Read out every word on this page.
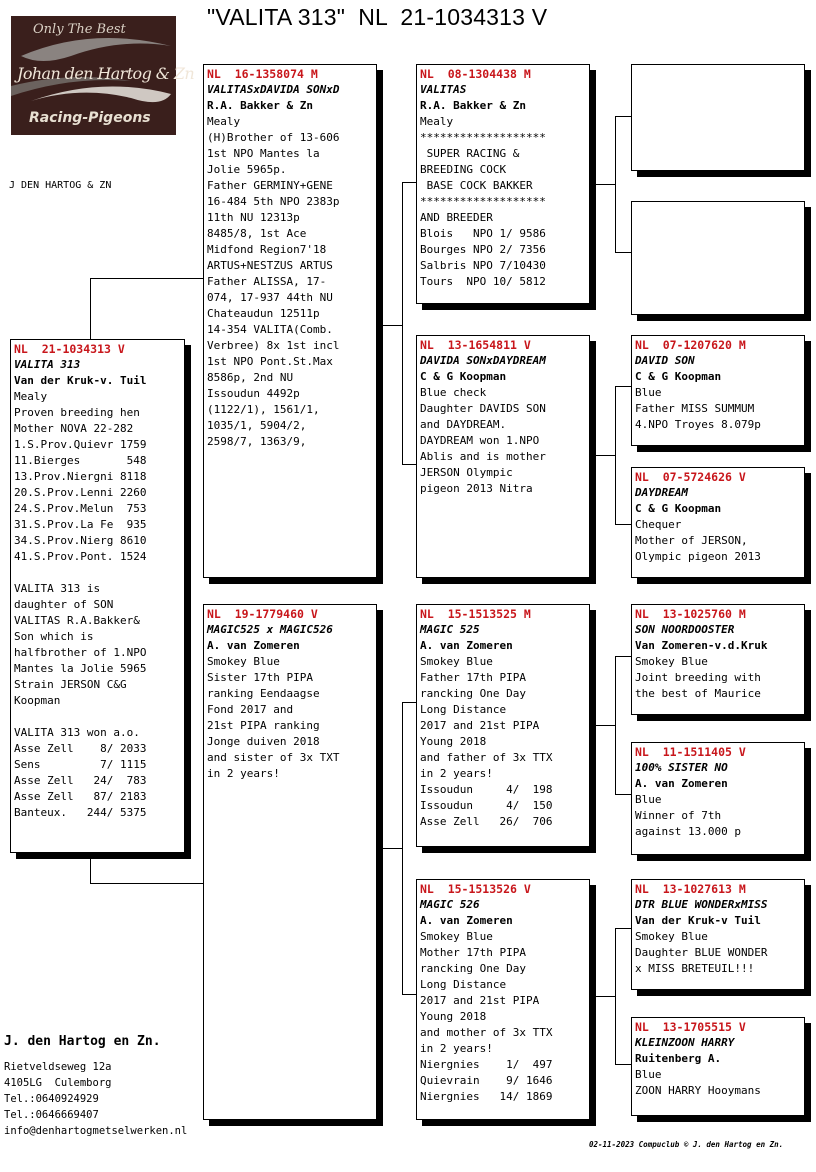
"VALITA 313"  NL  21-1034313 V
Only The Best
Johan den Hartog & Zn
Racing-Pigeons
J DEN HARTOG & ZN
NL  21-1034313 V
VALITA 313
Van der Kruk-v. Tuil
Mealy
Proven breeding hen
Mother NOVA 22-282
1.S.Prov.Quievr 1759
11.Bierges       548
13.Prov.Niergni 8118
20.S.Prov.Lenni 2260
24.S.Prov.Melun  753
31.S.Prov.La Fe  935
34.S.Prov.Nierg 8610
41.S.Prov.Pont. 1524

VALITA 313 is
daughter of SON
VALITAS R.A.Bakker&
Son which is
halfbrother of 1.NPO
Mantes la Jolie 5965
Strain JERSON C&G
Koopman

VALITA 313 won a.o.
Asse Zell    8/ 2033
Sens         7/ 1115
Asse Zell   24/  783
Asse Zell   87/ 2183
Banteux.   244/ 5375
NL  16-1358074 M
VALITASxDAVIDA SONxD
R.A. Bakker & Zn
Mealy
(H)Brother of 13-606
1st NPO Mantes la
Jolie 5965p.
Father GERMINY+GENE
16-484 5th NPO 2383p
11th NU 12313p
8485/8, 1st Ace
Midfond Region7'18
ARTUS+NESTZUS ARTUS
Father ALISSA, 17-
074, 17-937 44th NU
Chateaudun 12511p
14-354 VALITA(Comb.
Verbree) 8x 1st incl
1st NPO Pont.St.Max
8586p, 2nd NU
Issoudun 4492p
(1122/1), 1561/1,
1035/1, 5904/2,
2598/7, 1363/9,
NL  19-1779460 V
MAGIC525 x MAGIC526
A. van Zomeren
Smokey Blue
Sister 17th PIPA
ranking Eendaagse
Fond 2017 and
21st PIPA ranking
Jonge duiven 2018
and sister of 3x TXT
in 2 years!
NL  08-1304438 M
VALITAS
R.A. Bakker & Zn
Mealy
*******************
SUPER RACING &
BREEDING COCK
BASE COCK BAKKER
*******************
AND BREEDER
Blois   NPO 1/ 9586
Bourges NPO 2/ 7356
Salbris NPO 7/10430
Tours  NPO 10/ 5812
NL  13-1654811 V
DAVIDA SONxDAYDREAM
C & G Koopman
Blue check
Daughter DAVIDS SON
and DAYDREAM.
DAYDREAM won 1.NPO
Ablis and is mother
JERSON Olympic
pigeon 2013 Nitra
NL  15-1513525 M
MAGIC 525
A. van Zomeren
Smokey Blue
Father 17th PIPA
rancking One Day
Long Distance
2017 and 21st PIPA
Young 2018
and father of 3x TTX
in 2 years!
Issoudun     4/  198
Issoudun     4/  150
Asse Zell   26/  706
NL  15-1513526 V
MAGIC 526
A. van Zomeren
Smokey Blue
Mother 17th PIPA
rancking One Day
Long Distance
2017 and 21st PIPA
Young 2018
and mother of 3x TTX
in 2 years!
Niergnies    1/  497
Quievrain    9/ 1646
Niergnies   14/ 1869
NL  07-1207620 M
DAVID SON
C & G Koopman
Blue
Father MISS SUMMUM
4.NPO Troyes 8.079p
NL  07-5724626 V
DAYDREAM
C & G Koopman
Chequer
Mother of JERSON,
Olympic pigeon 2013
NL  13-1025760 M
SON NOORDOOSTER
Van Zomeren-v.d.Kruk
Smokey Blue
Joint breeding with
the best of Maurice
NL  11-1511405 V
100% SISTER NO
A. van Zomeren
Blue
Winner of 7th
against 13.000 p
NL  13-1027613 M
DTR BLUE WONDERxMISS
Van der Kruk-v Tuil
Smokey Blue
Daughter BLUE WONDER
x MISS BRETEUIL!!!
NL  13-1705515 V
KLEINZOON HARRY
Ruitenberg A.
Blue
ZOON HARRY Hooymans
J. den Hartog en Zn.
Rietveldseweg 12a
4105LG  Culemborg
Tel.:0640924929
Tel.:0646669407
info@denhartogmetselwerken.nl
02-11-2023 Compuclub © J. den Hartog en Zn.
